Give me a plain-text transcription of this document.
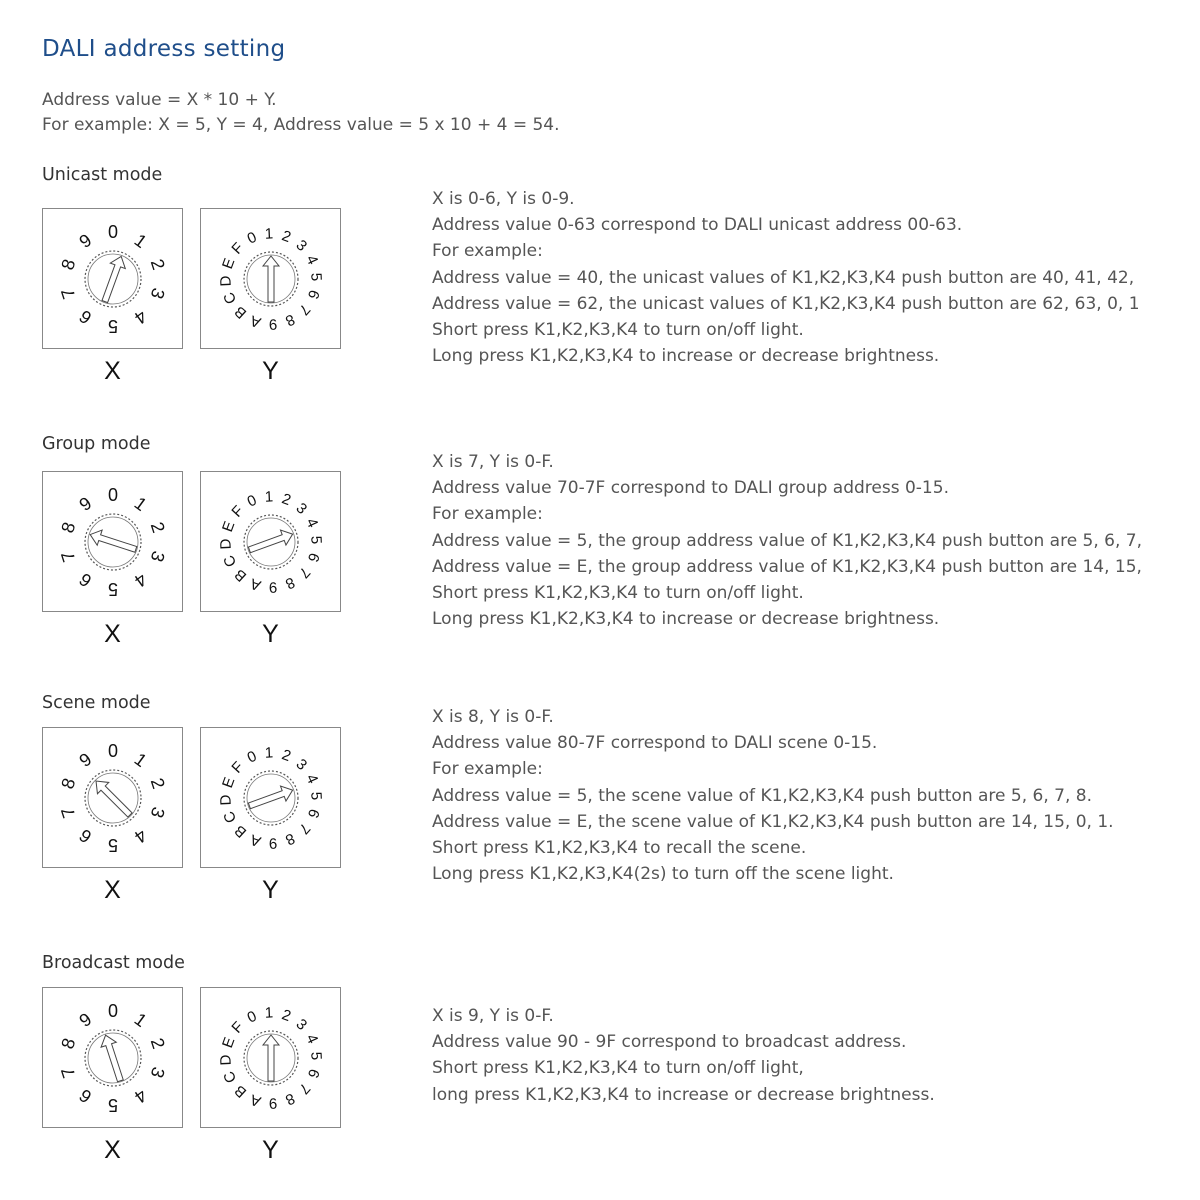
DALI address setting
Address value = X * 10 + Y.
For example: X = 5, Y = 4, Address value = 5 x 10 + 4 = 54.
Unicast mode
0 1
2
3
4
5
6
7
8
9	0 1 2 3
4
5
6
7
8
9
A
B
C
D
E
F
X	Y
X is 0-6, Y is 0-9.
Address value 0-63 correspond to DALI unicast address 00-63.
For example:
Address value = 40, the unicast values of K1,K2,K3,K4 push button are 40, 41, 42,
Address value = 62, the unicast values of K1,K2,K3,K4 push button are 62, 63, 0, 1
Short press K1,K2,K3,K4 to turn on/off light.
Long press K1,K2,K3,K4 to increase or decrease brightness.
Group mode
0 1
2
3
4
5
6
7
8
9	0 1 2 3
4
5
6
7
8
9
A
B
C
D
E
F
X	Y
X is 7, Y is 0-F.
Address value 70-7F correspond to DALI group address 0-15.
For example:
Address value = 5, the group address value of K1,K2,K3,K4 push button are 5, 6, 7,
Address value = E, the group address value of K1,K2,K3,K4 push button are 14, 15,
Short press K1,K2,K3,K4 to turn on/off light.
Long press K1,K2,K3,K4 to increase or decrease brightness.
Scene mode
0 1
2
3
4
5
6
7
8
9	0 1 2 3
4
5
6
7
8
9
A
B
C
D
E
F
X	Y
X is 8, Y is 0-F.
Address value 80-7F correspond to DALI scene 0-15.
For example:
Address value = 5, the scene value of K1,K2,K3,K4 push button are 5, 6, 7, 8.
Address value = E, the scene value of K1,K2,K3,K4 push button are 14, 15, 0, 1.
Short press K1,K2,K3,K4 to recall the scene.
Long press K1,K2,K3,K4(2s) to turn off the scene light.
Broadcast mode
0 1
2
3
4
5
6
7
8
9	0 1 2 3
4
5
6
7
8
9
A
B
C
D
E
F
X	Y
X is 9, Y is 0-F.
Address value 90 - 9F correspond to broadcast address.
Short press K1,K2,K3,K4 to turn on/off light,
long press K1,K2,K3,K4 to increase or decrease brightness.
